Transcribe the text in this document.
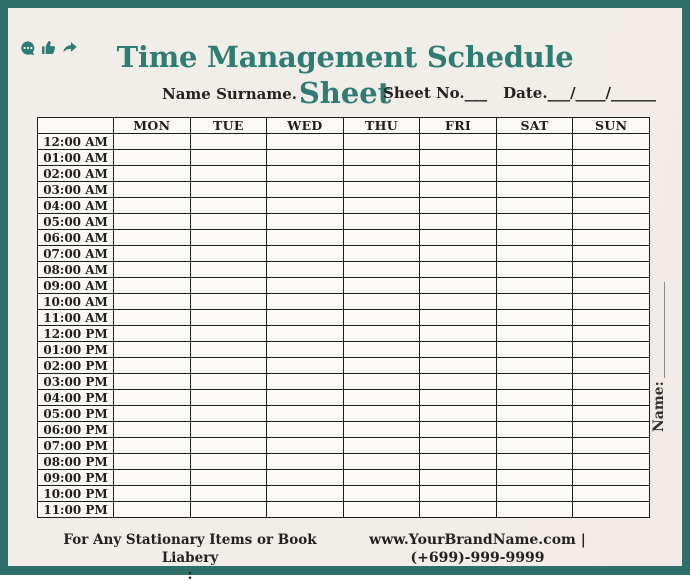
Time Management Schedule
Sheet
Name Surname.	Sheet No.___ Date.___/____/______
	MON	TUE	WED	THU	FRI	SAT	SUN
12:00 AM							
01:00 AM							
02:00 AM							
03:00 AM							
04:00 AM							
05:00 AM							
06:00 AM							
07:00 AM							
08:00 AM							
09:00 AM							
10:00 AM							
11:00 AM							
12:00 PM							
01:00 PM							
02:00 PM							
03:00 PM							
04:00 PM							
05:00 PM							
06:00 PM							
07:00 PM							
08:00 PM							
09:00 PM							
10:00 PM							
11:00 PM							
Name:
For Any Stationary Items or Book Liabery
:
www.YourBrandName.com |
(+699)-999-9999
